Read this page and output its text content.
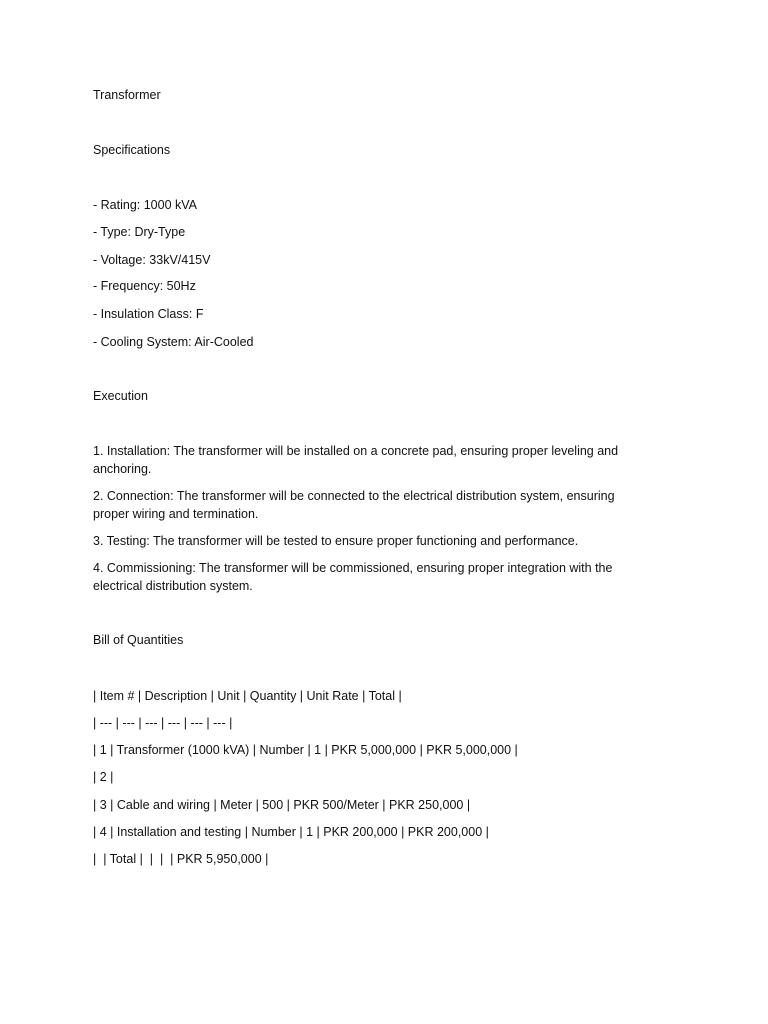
Transformer
Specifications
- Rating: 1000 kVA
- Type: Dry-Type
- Voltage: 33kV/415V
- Frequency: 50Hz
- Insulation Class: F
- Cooling System: Air-Cooled
Execution
1. Installation: The transformer will be installed on a concrete pad, ensuring proper leveling and anchoring.
2. Connection: The transformer will be connected to the electrical distribution system, ensuring proper wiring and termination.
3. Testing: The transformer will be tested to ensure proper functioning and performance.
4. Commissioning: The transformer will be commissioned, ensuring proper integration with the electrical distribution system.
Bill of Quantities
| Item # | Description | Unit | Quantity | Unit Rate | Total |
| --- | --- | --- | --- | --- | --- |
| 1 | Transformer (1000 kVA) | Number | 1 | PKR 5,000,000 | PKR 5,000,000 |
| 2 |
| 3 | Cable and wiring | Meter | 500 | PKR 500/Meter | PKR 250,000 |
| 4 | Installation and testing | Number | 1 | PKR 200,000 | PKR 200,000 |
|  | Total |  |  |  | PKR 5,950,000 |
